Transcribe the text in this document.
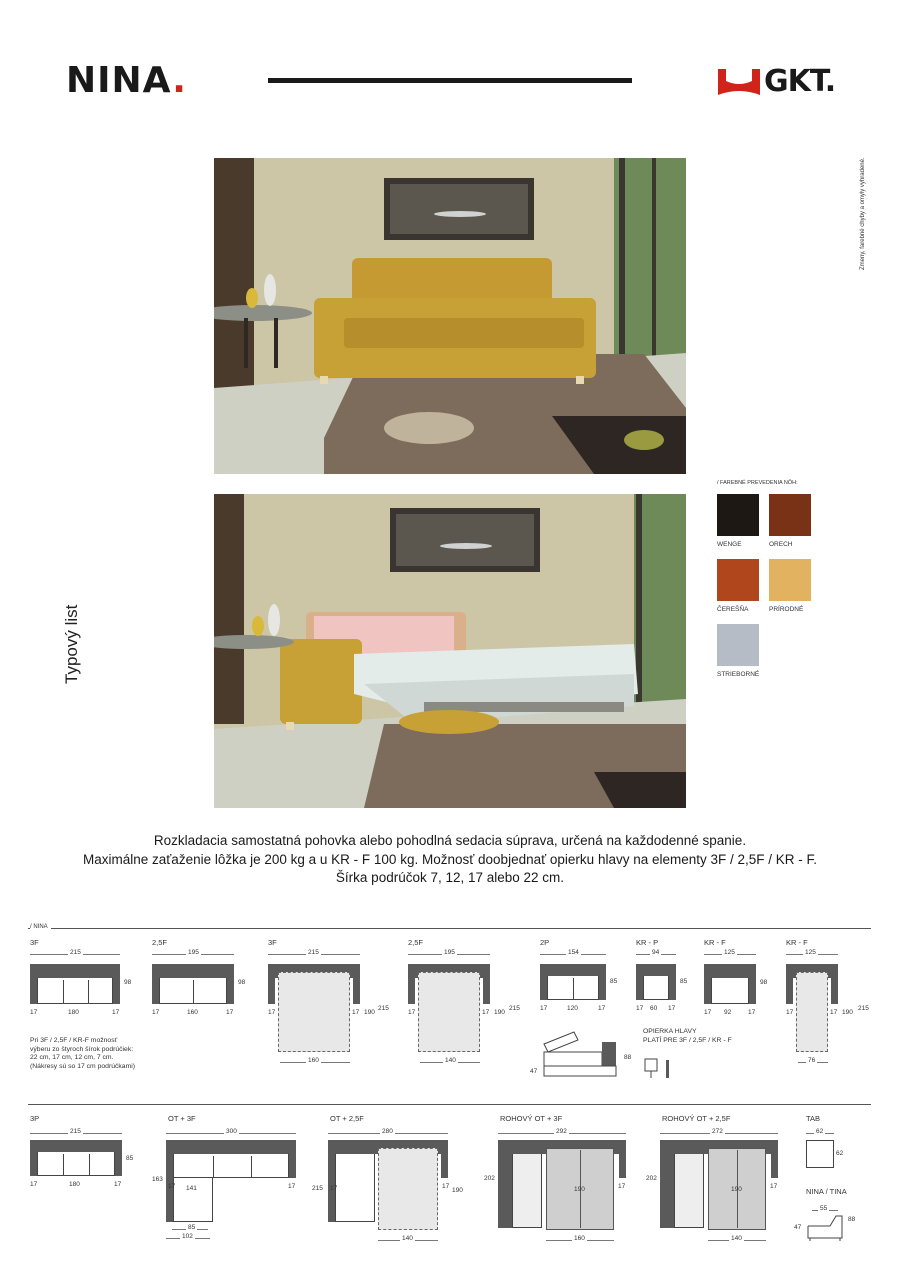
NINA.	GKT.
Zmeny, farebné chyby a omyly vyhradené.
Typový list
/ FAREBNÉ PREVEDENIA NÔH:
WENGE	ORECH
ČEREŠŇA	PRÍRODNÉ
STRIEBORNÉ
Rozkladacia samostatná pohovka alebo pohodlná sedacia súprava, určená na každodenné spanie.
Maximálne zaťaženie lôžka je 200 kg a u KR - F 100 kg. Možnosť doobjednať opierku hlavy na elementy 3F / 2,5F / KR - F.
Šírka podrúčok 7, 12, 17 alebo 22 cm.
/ NINA
3F
215
98
17	180	17
2,5F
195
98
17	160	17
3F
215
17	17 190
215
160
2,5F
195
17	17 190
215
140
2P
154
85
17	120	17
KR - P
94
85
17 60 17
KR - F
125
98
17 92	17
KR - F
125
17	17 190
215
76
Pri 3F / 2,5F / KR-F možnosť
výberu zo štyroch šírok podrúčiek:
22 cm, 17 cm, 12 cm, 7 cm.
(Nákresy sú so 17 cm podrúčkami)
88
47
OPIERKA HLAVY
PLATÍ PRE 3F / 2,5F / KR - F
3P
215
85
17	180	17
OT + 3F
300
163
17 141	17
85
102
OT + 2,5F
280
215 17	17
190
140
ROHOVÝ OT + 3F
292
202
17
190
160
ROHOVÝ OT + 2,5F
272
202
17
190
140
TAB
62
62
NINA / TINA
55
88
47
